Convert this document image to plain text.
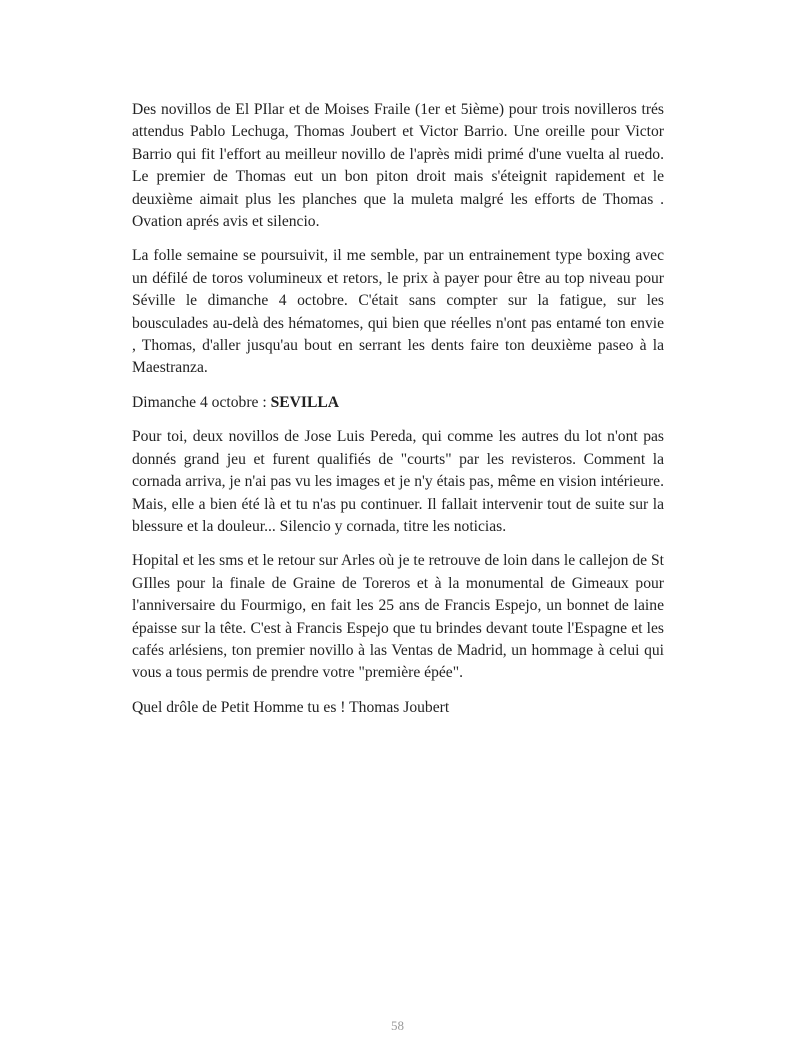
Des novillos de El PIlar et de Moises Fraile (1er et 5ième) pour trois novilleros trés attendus Pablo Lechuga, Thomas Joubert et Victor Barrio. Une oreille pour Victor Barrio qui fit l'effort au meilleur novillo de l'après midi primé d'une vuelta al ruedo. Le premier de Thomas eut un bon piton droit mais s'éteignit rapidement et le deuxième aimait plus les planches que la muleta malgré les efforts de Thomas . Ovation aprés avis et silencio.

La folle semaine se poursuivit, il me semble, par un entrainement type boxing avec un défilé de toros volumineux et retors, le prix à payer pour être au top niveau pour Séville le dimanche 4 octobre. C'était sans compter sur la fatigue, sur les bousculades au-delà des hématomes, qui bien que réelles n'ont pas entamé ton envie , Thomas, d'aller jusqu'au bout en serrant les dents faire ton deuxième paseo à la Maestranza.

Dimanche 4 octobre : SEVILLA

Pour toi, deux novillos de Jose Luis Pereda, qui comme les autres du lot n'ont pas donnés grand jeu et furent qualifiés de "courts" par les revisteros. Comment la cornada arriva, je n'ai pas vu les images et je n'y étais pas, même en vision intérieure. Mais, elle a bien été là et tu n'as pu continuer. Il fallait intervenir tout de suite sur la blessure et la douleur... Silencio y cornada, titre les noticias.

Hopital et les sms et le retour sur Arles où je te retrouve de loin dans le callejon de St GIlles pour la finale de Graine de Toreros et à la monumental de Gimeaux pour l'anniversaire du Fourmigo, en fait les 25 ans de Francis Espejo, un bonnet de laine épaisse sur la tête. C'est à Francis Espejo que tu brindes devant toute l'Espagne et les cafés arlésiens, ton premier novillo à las Ventas de Madrid, un hommage à celui qui vous a tous permis de prendre votre "première épée".

Quel drôle de Petit Homme tu es ! Thomas Joubert

58
